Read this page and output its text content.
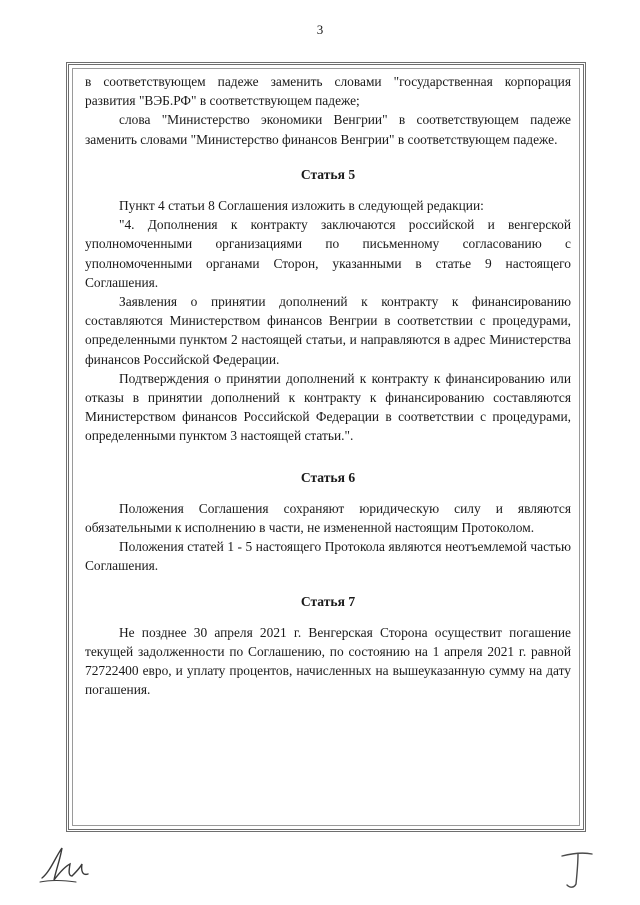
3

в соответствующем падеже заменить словами "государственная корпорация развития "ВЭБ.РФ" в соответствующем падеже;

слова "Министерство экономики Венгрии" в соответствующем падеже заменить словами "Министерство финансов Венгрии" в соответствующем падеже.

Статья 5

Пункт 4 статьи 8 Соглашения изложить в следующей редакции:

"4. Дополнения к контракту заключаются российской и венгерской уполномоченными организациями по письменному согласованию с уполномоченными органами Сторон, указанными в статье 9 настоящего Соглашения.

Заявления о принятии дополнений к контракту к финансированию составляются Министерством финансов Венгрии в соответствии с процедурами, определенными пунктом 2 настоящей статьи, и направляются в адрес Министерства финансов Российской Федерации.

Подтверждения о принятии дополнений к контракту к финансированию или отказы в принятии дополнений к контракту к финансированию составляются Министерством финансов Российской Федерации в соответствии с процедурами, определенными пунктом 3 настоящей статьи.".

Статья 6

Положения Соглашения сохраняют юридическую силу и являются обязательными к исполнению в части, не измененной настоящим Протоколом.

Положения статей 1 - 5 настоящего Протокола являются неотъемлемой частью Соглашения.

Статья 7

Не позднее 30 апреля 2021 г. Венгерская Сторона осуществит погашение текущей задолженности по Соглашению, по состоянию на 1 апреля 2021 г. равной 72722400 евро, и уплату процентов, начисленных на вышеуказанную сумму на дату погашения.
